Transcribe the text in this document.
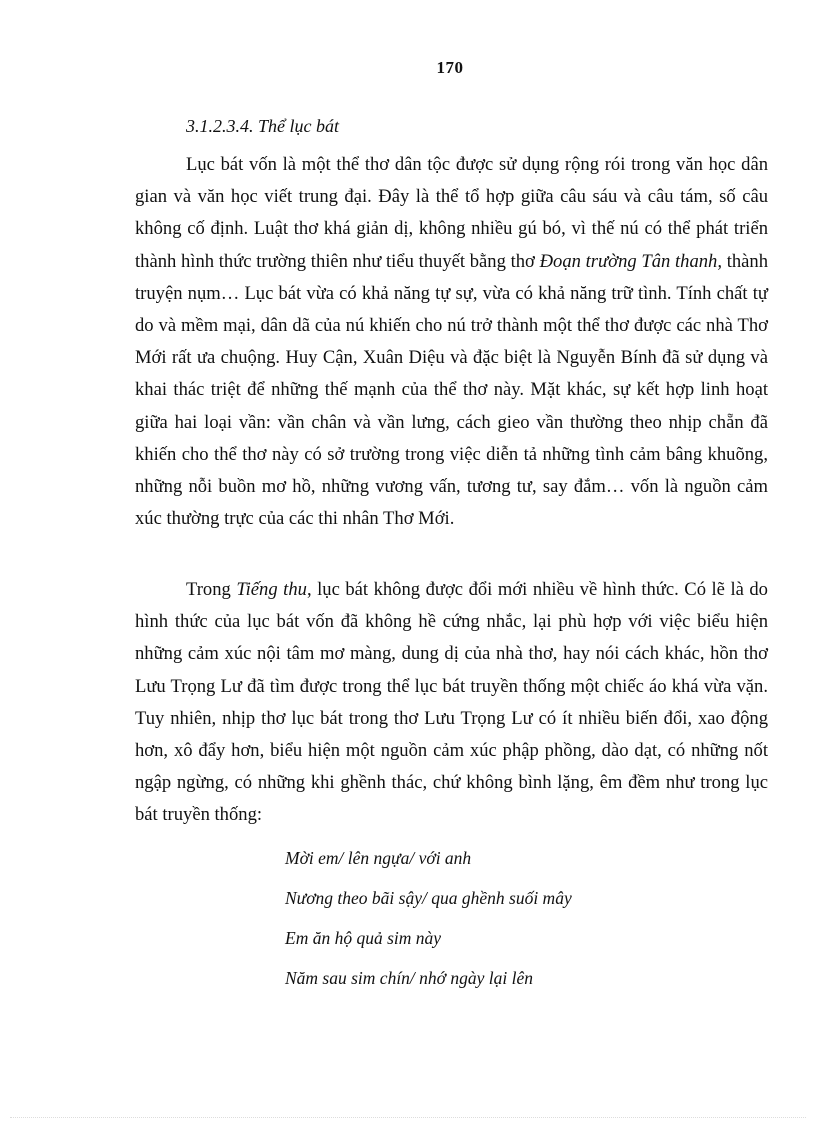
170
3.1.2.3.4. Thể lục bát

Lục bát vốn là một thể thơ dân tộc được sử dụng rộng rói trong văn học dân gian và văn học viết trung đại. Đây là thể tổ hợp giữa câu sáu và câu tám, số câu không cố định. Luật thơ khá giản dị, không nhiều gú bó, vì thế nú có thể phát triển thành hình thức trường thiên như tiểu thuyết bằng thơ Đoạn trường Tân thanh, thành truyện nụm… Lục bát vừa có khả năng tự sự, vừa có khả năng trữ tình. Tính chất tự do và mềm mại, dân dã của nú khiến cho nú trở thành một thể thơ được các nhà Thơ Mới rất ưa chuộng. Huy Cận, Xuân Diệu và đặc biệt là Nguyễn Bính đã sử dụng và khai thác triệt để những thế mạnh của thể thơ này. Mặt khác, sự kết hợp linh hoạt giữa hai loại vần: vần chân và vần lưng, cách gieo vần thường theo nhịp chẵn đã khiến cho thể thơ này có sở trường trong việc diễn tả những tình cảm bâng khuõng, những nỗi buồn mơ hồ, những vương vấn, tương tư, say đắm… vốn là nguồn cảm xúc thường trực của các thi nhân Thơ Mới.

Trong Tiếng thu, lục bát không được đổi mới nhiều về hình thức. Có lẽ là do hình thức của lục bát vốn đã không hề cứng nhắc, lại phù hợp với việc biểu hiện những cảm xúc nội tâm mơ màng, dung dị của nhà thơ, hay nói cách khác, hồn thơ Lưu Trọng Lư đã tìm được trong thể lục bát truyền thống một chiếc áo khá vừa vặn. Tuy nhiên, nhịp thơ lục bát trong thơ Lưu Trọng Lư có ít nhiều biến đổi, xao động hơn, xô đẩy hơn, biểu hiện một nguồn cảm xúc phập phồng, dào dạt, có những nốt ngập ngừng, có những khi ghềnh thác, chứ không bình lặng, êm đềm như trong lục bát truyền thống:

Mời em/ lên ngựa/ với anh
Nương theo bãi sậy/ qua ghềnh suối mây
Em ăn hộ quả sim này
Năm sau sim chín/ nhớ ngày lại lên
